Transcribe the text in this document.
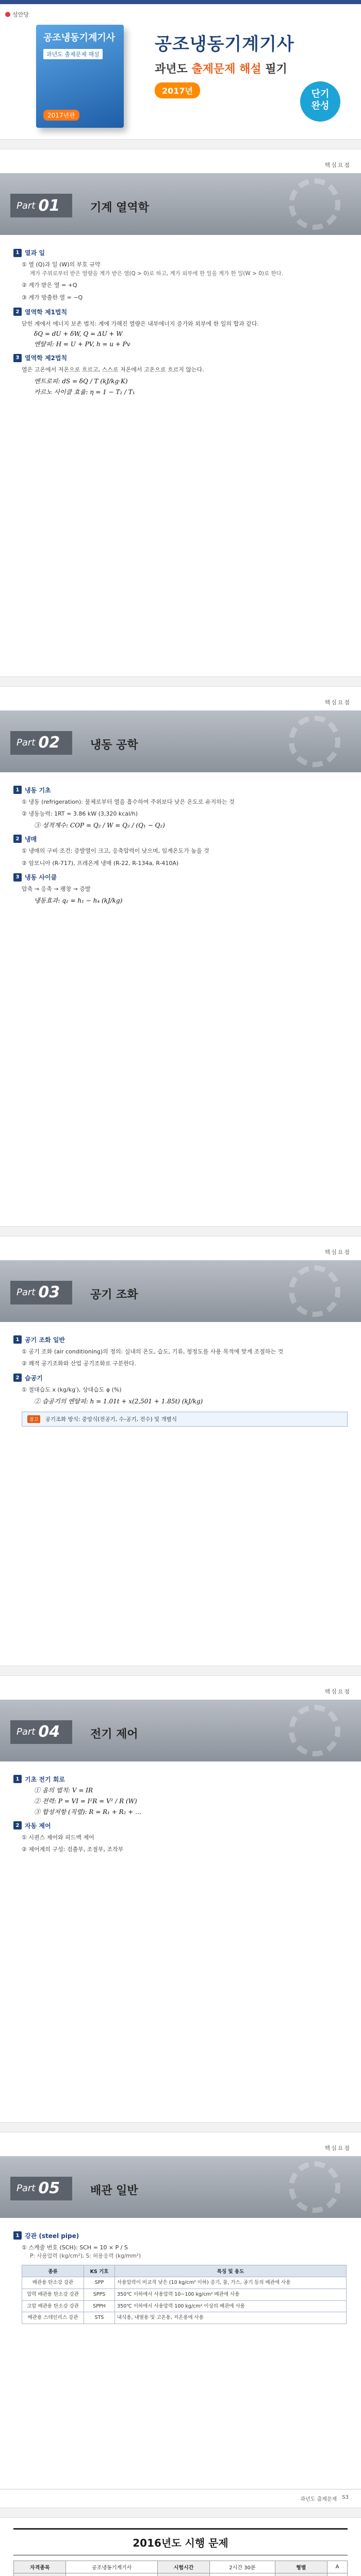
성안당
공조냉동기계기사
과년도 출제문제 해설
2017년판
공조냉동기계기사
과년도 출제문제 해설 필기
2017년	단기
완성
핵심요점
Part 01	기계 열역학
1 열과 일
① 열 (Q)과 일 (W)의 부호 규약
계가 주위로부터 받은 열량을 계가 받은 열(Q > 0)로 하고, 계가 외부에 한 일을 계가 한 일(W > 0)로 한다.
② 계가 받은 열 = +Q
③ 계가 방출한 열 = −Q
2 열역학 제1법칙
닫힌 계에서 에너지 보존 법칙: 계에 가해진 열량은 내부에너지 증가와 외부에 한 일의 합과 같다.
δQ = dU + δW, Q = ΔU + W
엔탈피: H = U + PV, h = u + Pv
3 열역학 제2법칙
열은 고온에서 저온으로 흐르고, 스스로 저온에서 고온으로 흐르지 않는다.
엔트로피: dS = δQ / T (kJ/kg·K)
카르노 사이클 효율: η = 1 − T₂ / T₁
핵심요점
Part 02	냉동 공학
1 냉동 기초
① 냉동 (refrigeration): 물체로부터 열을 흡수하여 주위보다 낮은 온도로 유지하는 것
② 냉동능력: 1RT = 3.86 kW (3,320 kcal/h)
③ 성적계수: COP = Q₂ / W = Q₂ / (Q₁ − Q₂)
2 냉매
① 냉매의 구비 조건: 증발열이 크고, 응축압력이 낮으며, 임계온도가 높을 것
② 암모니아 (R-717), 프레온계 냉매 (R-22, R-134a, R-410A)
3 냉동 사이클
압축 → 응축 → 팽창 → 증발
냉동효과: q₂ = h₁ − h₄ (kJ/kg)
핵심요점
Part 03	공기 조화
1 공기 조화 일반
① 공기 조화 (air conditioning)의 정의: 실내의 온도, 습도, 기류, 청정도를 사용 목적에 맞게 조절하는 것
② 쾌적 공기조화와 산업 공기조화로 구분한다.
2 습공기
① 절대습도 x (kg/kg′), 상대습도 φ (%)
② 습공기의 엔탈피: h = 1.01t + x(2,501 + 1.85t) (kJ/kg)
참고 공기조화 방식: 중앙식(전공기, 수-공기, 전수) 및 개별식
핵심요점
Part 04	전기 제어
1 기초 전기 회로
① 옴의 법칙: V = IR
② 전력: P = VI = I²R = V² / R (W)
③ 합성저항 (직렬): R = R₁ + R₂ + …
2 자동 제어
① 시퀀스 제어와 피드백 제어
② 제어계의 구성: 검출부, 조절부, 조작부
핵심요점
Part 05	배관 일반
1 강관 (steel pipe)
① 스케줄 번호 (SCH): SCH = 10 × P / S
P: 사용압력 (kg/cm²), S: 허용응력 (kg/mm²)
종류	KS 기호	특징 및 용도
배관용 탄소강 강관	SPP	사용압력이 비교적 낮은 (10 kg/cm² 이하) 증기, 물, 가스, 공기 등의 배관에 사용
압력 배관용 탄소강 강관	SPPS	350℃ 이하에서 사용압력 10~100 kg/cm² 배관에 사용
고압 배관용 탄소강 강관	SPPH	350℃ 이하에서 사용압력 100 kg/cm² 이상의 배관에 사용
배관용 스테인리스 강관	STS	내식용, 내열용 및 고온용, 저온용에 사용
과년도 출제문제 S3
2016년도 시행 문제
자격종목	공조냉동기계기사	시험시간	2시간 30분	형별	A
